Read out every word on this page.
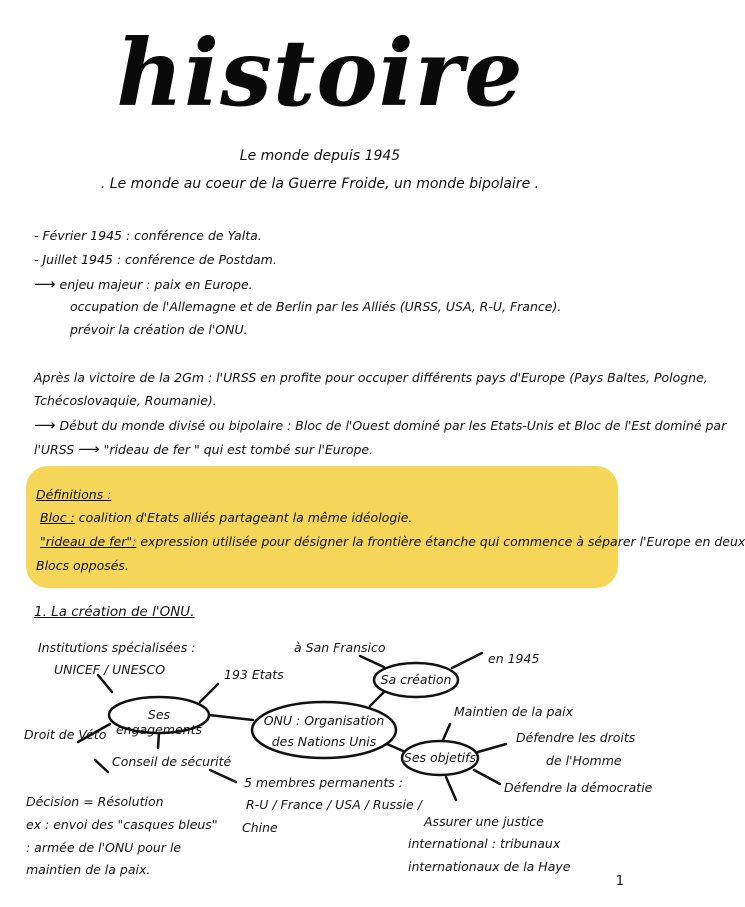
histoire
Le monde depuis 1945
. Le monde au coeur de la Guerre Froide, un monde bipolaire .
- Février 1945 : conférence de Yalta.
- Juillet 1945 : conférence de Postdam.
⟶ enjeu majeur : paix en Europe.
occupation de l'Allemagne et de Berlin par les Alliés (URSS, USA, R-U, France).
prévoir la création de l'ONU.
Après la victoire de la 2Gm : l'URSS en profite pour occuper différents pays d'Europe (Pays Baltes, Pologne,
Tchécoslovaquie, Roumanie).
⟶ Début du monde divisé ou bipolaire : Bloc de l'Ouest dominé par les Etats-Unis et Bloc de l'Est dominé par
l'URSS ⟶ "rideau de fer " qui est tombé sur l'Europe.
Définitions :
Bloc : coalition d'Etats alliés partageant la même idéologie.
"rideau de fer": expression utilisée pour désigner la frontière étanche qui commence à séparer l'Europe en deux
Blocs opposés.
1. La création de l'ONU.
ONU : Organisation
des Nations Unis
Ses engagements
Sa création
Ses objetifs
Institutions spécialisées :
UNICEF / UNESCO	193 Etats
Droit de Véto
Conseil de sécurité
5 membres permanents :
R-U / France / USA / Russie /
Chine
Décision = Résolution
ex : envoi des "casques bleus"
: armée de l'ONU pour le
maintien de la paix.
à San Fransico
en 1945
Maintien de la paix
Défendre les droits
de l'Homme
Défendre la démocratie
Assurer une justice
international : tribunaux
internationaux de la Haye
1
